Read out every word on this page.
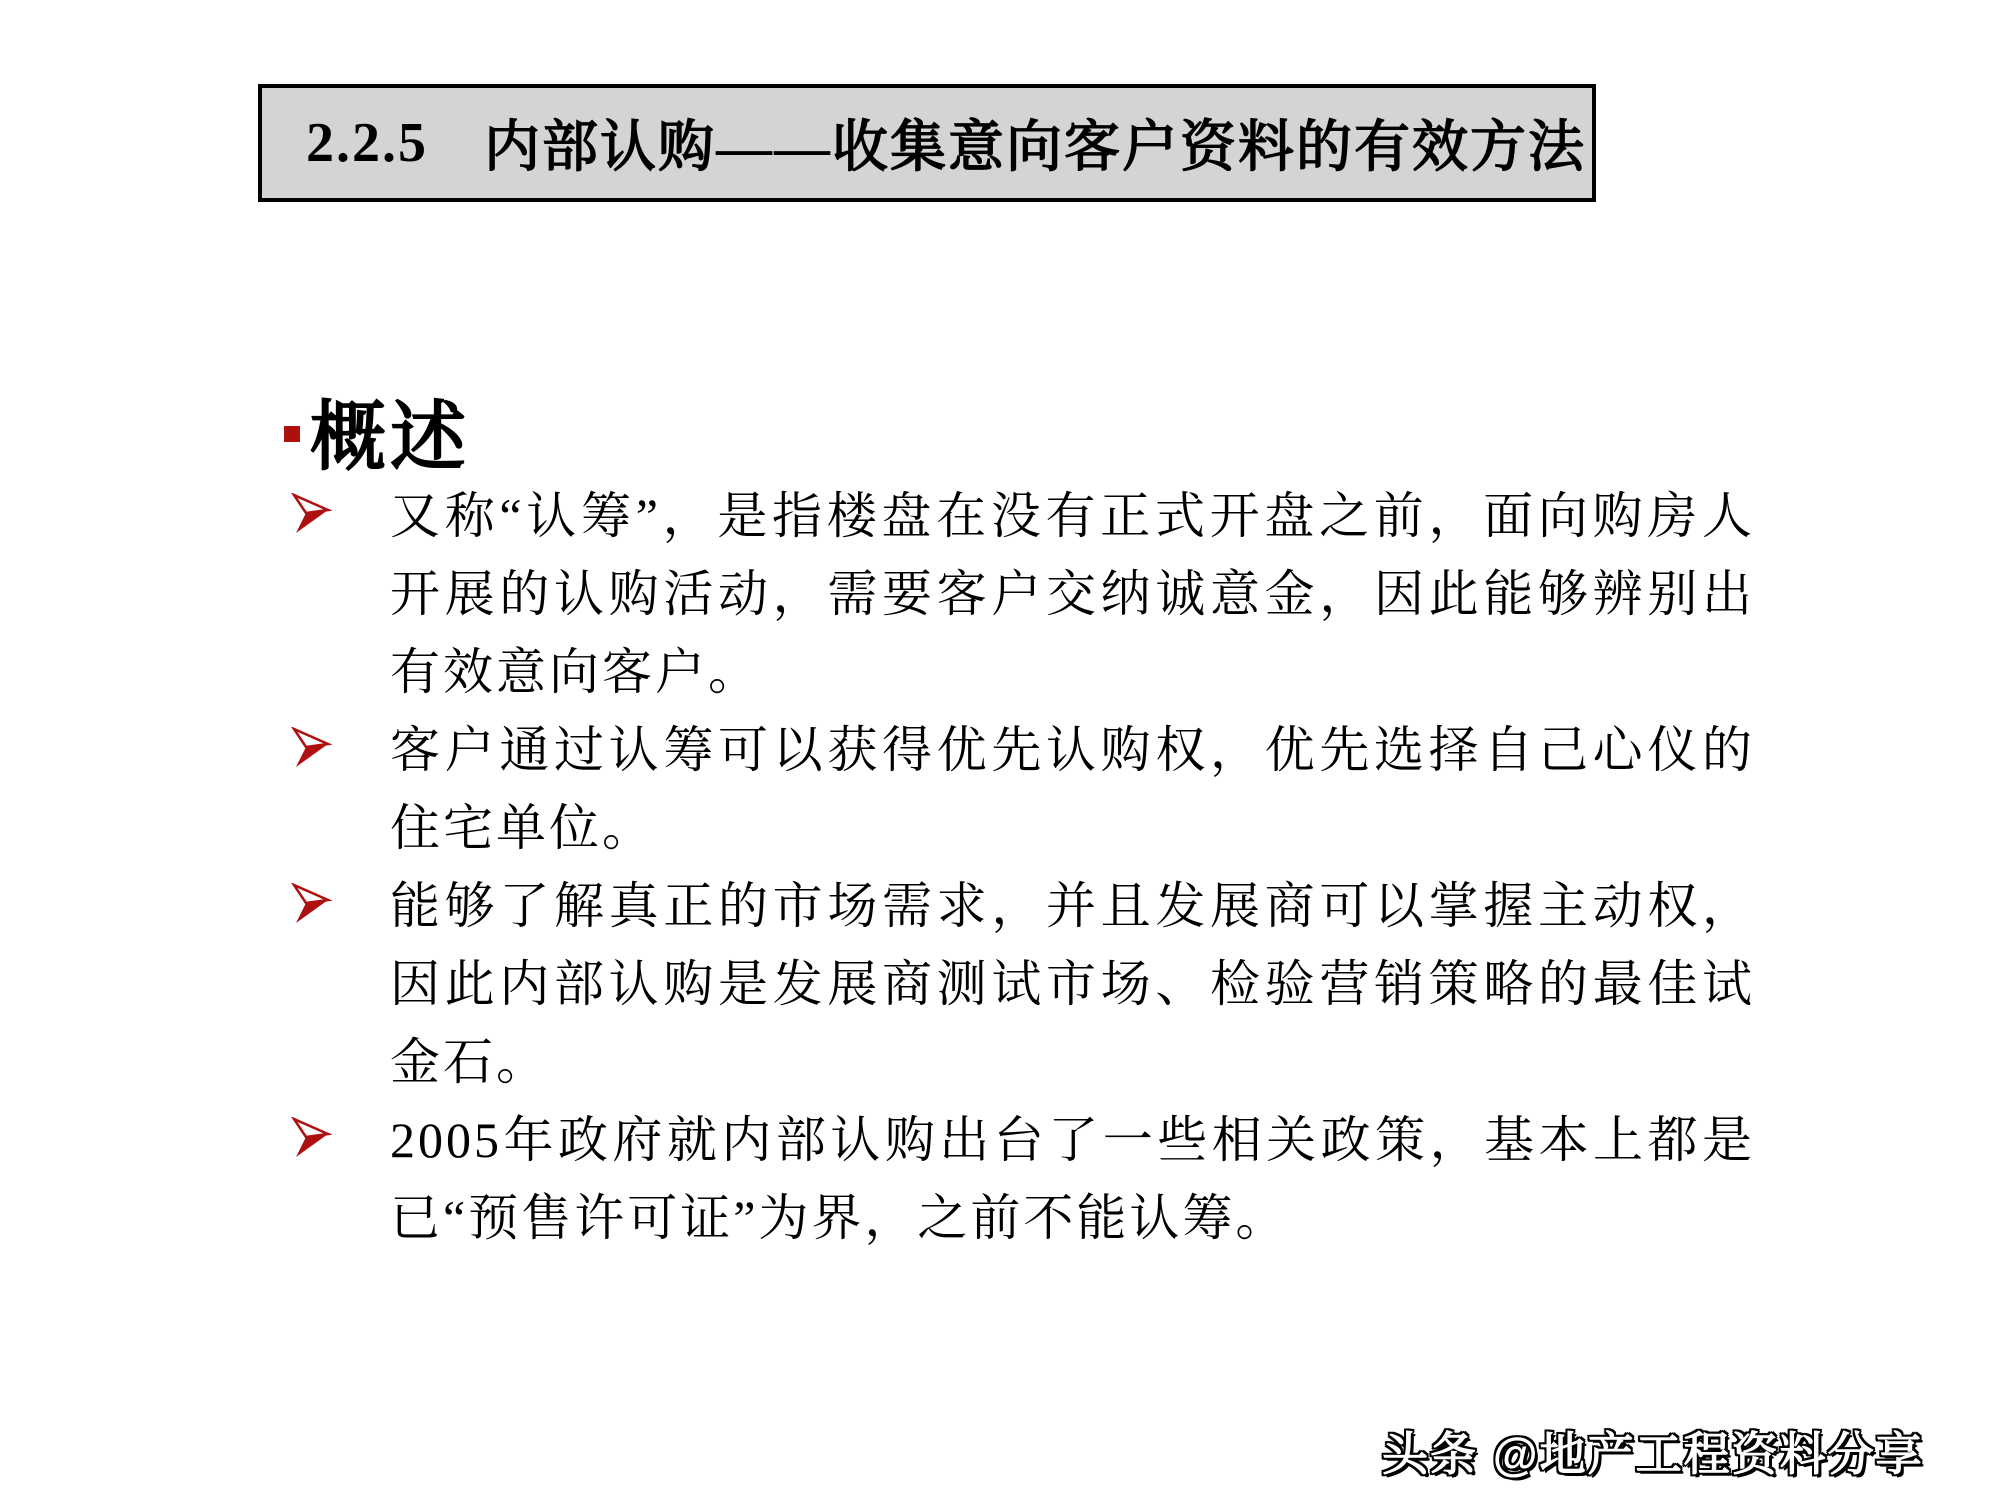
2.2.5 内部认购——收集意向客户资料的有效方法
概述
又称“认筹”，是指楼盘在没有正式开盘之前，面向购房人开展的认购活动，需要客户交纳诚意金，因此能够辨别出有效意向客户。
客户通过认筹可以获得优先认购权，优先选择自己心仪的住宅单位。
能够了解真正的市场需求，并且发展商可以掌握主动权，因此内部认购是发展商测试市场、检验营销策略的最佳试金石。
2005年政府就内部认购出台了一些相关政策，基本上都是已“预售许可证”为界，之前不能认筹。
头条 @地产工程资料分享
